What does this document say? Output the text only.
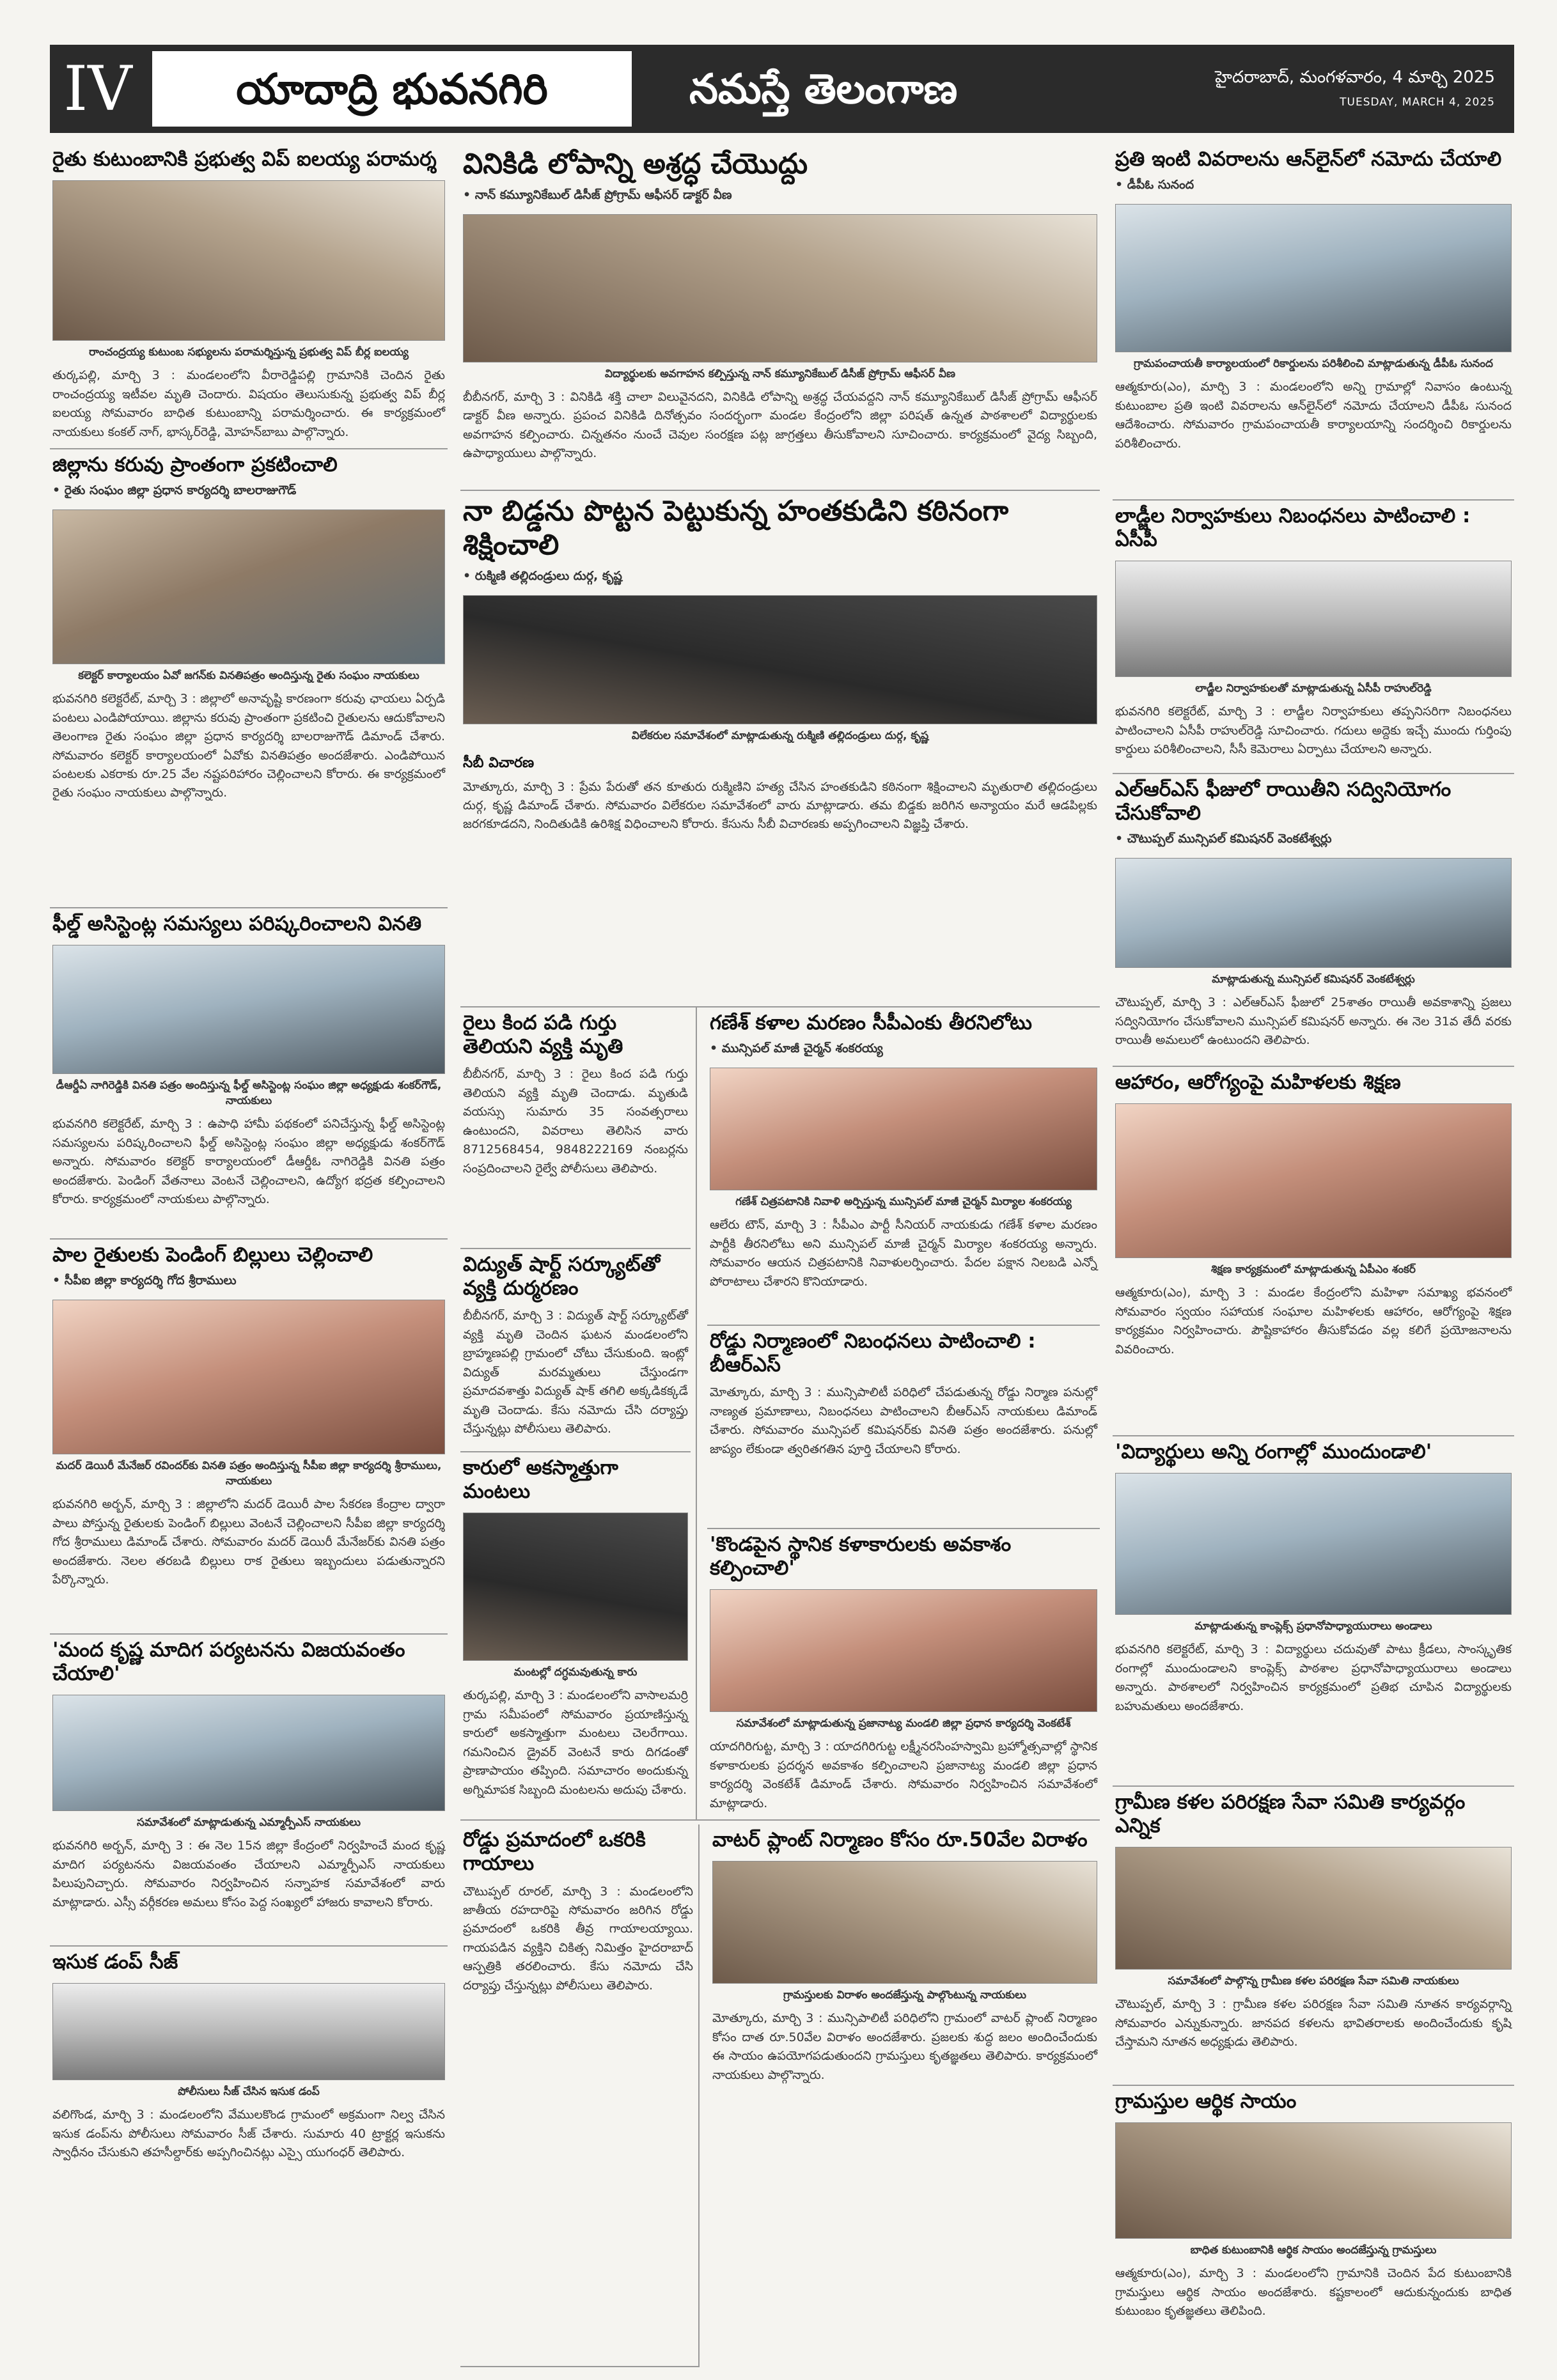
IV	యాదాద్రి భువనగిరి	నమస్తే తెలంగాణ	హైదరాబాద్, మంగళవారం, 4 మార్చి 2025
TUESDAY, MARCH 4, 2025
రైతు కుటుంబానికి ప్రభుత్వ విప్ ఐలయ్య పరామర్శ

రాంచంద్రయ్య కుటుంబ సభ్యులను పరామర్శిస్తున్న ప్రభుత్వ విప్ బీర్ల ఐలయ్య

తుర్కపల్లి, మార్చి 3 : మండలంలోని వీరారెడ్డిపల్లి గ్రామానికి చెందిన రైతు రాంచంద్రయ్య ఇటీవల మృతి చెందారు. విషయం తెలుసుకున్న ప్రభుత్వ విప్ బీర్ల ఐలయ్య సోమవారం బాధిత కుటుంబాన్ని పరామర్శించారు. ఈ కార్యక్రమంలో నాయకులు కంకల్ నాగ్, భాస్కర్‌రెడ్డి, మోహన్‌బాబు పాల్గొన్నారు.

జిల్లాను కరువు ప్రాంతంగా ప్రకటించాలి

• రైతు సంఘం జిల్లా ప్రధాన కార్యదర్శి బాలరాజుగౌడ్

కలెక్టర్ కార్యాలయం ఏవో జగన్‌కు వినతిపత్రం అందిస్తున్న రైతు సంఘం నాయకులు

భువనగిరి కలెక్టరేట్, మార్చి 3 : జిల్లాలో అనావృష్టి కారణంగా కరువు ఛాయలు ఏర్పడి పంటలు ఎండిపోయాయి. జిల్లాను కరువు ప్రాంతంగా ప్రకటించి రైతులను ఆదుకోవాలని తెలంగాణ రైతు సంఘం జిల్లా ప్రధాన కార్యదర్శి బాలరాజుగౌడ్ డిమాండ్ చేశారు. సోమవారం కలెక్టర్ కార్యాలయంలో ఏవోకు వినతిపత్రం అందజేశారు. ఎండిపోయిన పంటలకు ఎకరాకు రూ.25 వేల నష్టపరిహారం చెల్లించాలని కోరారు. ఈ కార్యక్రమంలో రైతు సంఘం నాయకులు పాల్గొన్నారు.

ఫీల్డ్ అసిస్టెంట్ల సమస్యలు పరిష్కరించాలని వినతి

డీఆర్డీఏ నాగిరెడ్డికి వినతి పత్రం అందిస్తున్న ఫీల్డ్ అసిస్టెంట్ల సంఘం జిల్లా అధ్యక్షుడు శంకర్‌గౌడ్, నాయకులు

భువనగిరి కలెక్టరేట్, మార్చి 3 : ఉపాధి హామీ పథకంలో పనిచేస్తున్న ఫీల్డ్ అసిస్టెంట్ల సమస్యలను పరిష్కరించాలని ఫీల్డ్ అసిస్టెంట్ల సంఘం జిల్లా అధ్యక్షుడు శంకర్‌గౌడ్ అన్నారు. సోమవారం కలెక్టర్ కార్యాలయంలో డీఆర్డీఓ నాగిరెడ్డికి వినతి పత్రం అందజేశారు. పెండింగ్ వేతనాలు వెంటనే చెల్లించాలని, ఉద్యోగ భద్రత కల్పించాలని కోరారు. కార్యక్రమంలో నాయకులు పాల్గొన్నారు.

పాల రైతులకు పెండింగ్ బిల్లులు చెల్లించాలి

• సీపీఐ జిల్లా కార్యదర్శి గోద శ్రీరాములు

మదర్ డెయిరీ మేనేజర్ రవిందర్‌కు వినతి పత్రం అందిస్తున్న సీపీఐ జిల్లా కార్యదర్శి శ్రీరాములు, నాయకులు

భువనగిరి అర్బన్, మార్చి 3 : జిల్లాలోని మదర్ డెయిరీ పాల సేకరణ కేంద్రాల ద్వారా పాలు పోస్తున్న రైతులకు పెండింగ్ బిల్లులు వెంటనే చెల్లించాలని సీపీఐ జిల్లా కార్యదర్శి గోద శ్రీరాములు డిమాండ్ చేశారు. సోమవారం మదర్ డెయిరీ మేనేజర్‌కు వినతి పత్రం అందజేశారు. నెలల తరబడి బిల్లులు రాక రైతులు ఇబ్బందులు పడుతున్నారని పేర్కొన్నారు.

'మంద కృష్ణ మాదిగ పర్యటనను విజయవంతం చేయాలి'

సమావేశంలో మాట్లాడుతున్న ఎమ్మార్పీఎస్ నాయకులు

భువనగిరి అర్బన్, మార్చి 3 : ఈ నెల 15న జిల్లా కేంద్రంలో నిర్వహించే మంద కృష్ణ మాదిగ పర్యటనను విజయవంతం చేయాలని ఎమ్మార్పీఎస్ నాయకులు పిలుపునిచ్చారు. సోమవారం నిర్వహించిన సన్నాహక సమావేశంలో వారు మాట్లాడారు. ఎస్సీ వర్గీకరణ అమలు కోసం పెద్ద సంఖ్యలో హాజరు కావాలని కోరారు.

ఇసుక డంప్ సీజ్

పోలీసులు సీజ్ చేసిన ఇసుక డంప్

వలిగొండ, మార్చి 3 : మండలంలోని వేములకొండ గ్రామంలో అక్రమంగా నిల్వ చేసిన ఇసుక డంప్‌ను పోలీసులు సోమవారం సీజ్ చేశారు. సుమారు 40 ట్రాక్టర్ల ఇసుకను స్వాధీనం చేసుకుని తహసీల్దార్‌కు అప్పగించినట్లు ఎస్సై యుగంధర్ తెలిపారు.

వినికిడి లోపాన్ని అశ్రద్ధ చేయొద్దు

• నాన్ కమ్యూనికేబుల్ డిసీజ్ ప్రోగ్రామ్ ఆఫీసర్ డాక్టర్ వీణ

విద్యార్థులకు అవగాహన కల్పిస్తున్న నాన్ కమ్యూనికేబుల్ డిసీజ్ ప్రోగ్రామ్ ఆఫీసర్ వీణ

బీబీనగర్, మార్చి 3 : వినికిడి శక్తి చాలా విలువైనదని, వినికిడి లోపాన్ని అశ్రద్ధ చేయవద్దని నాన్ కమ్యూనికేబుల్ డిసీజ్ ప్రోగ్రామ్ ఆఫీసర్ డాక్టర్ వీణ అన్నారు. ప్రపంచ వినికిడి దినోత్సవం సందర్భంగా మండల కేంద్రంలోని జిల్లా పరిషత్ ఉన్నత పాఠశాలలో విద్యార్థులకు అవగాహన కల్పించారు. చిన్నతనం నుంచే చెవుల సంరక్షణ పట్ల జాగ్రత్తలు తీసుకోవాలని సూచించారు. కార్యక్రమంలో వైద్య సిబ్బంది, ఉపాధ్యాయులు పాల్గొన్నారు.

నా బిడ్డను పొట్టన పెట్టుకున్న హంతకుడిని కఠినంగా శిక్షించాలి

• రుక్మిణి తల్లిదండ్రులు దుర్గ, కృష్ణ

విలేకరుల సమావేశంలో మాట్లాడుతున్న రుక్మిణి తల్లిదండ్రులు దుర్గ, కృష్ణ

సీబీ విచారణ

మోత్కూరు, మార్చి 3 : ప్రేమ పేరుతో తన కూతురు రుక్మిణిని హత్య చేసిన హంతకుడిని కఠినంగా శిక్షించాలని మృతురాలి తల్లిదండ్రులు దుర్గ, కృష్ణ డిమాండ్ చేశారు. సోమవారం విలేకరుల సమావేశంలో వారు మాట్లాడారు. తమ బిడ్డకు జరిగిన అన్యాయం మరే ఆడపిల్లకు జరగకూడదని, నిందితుడికి ఉరిశిక్ష విధించాలని కోరారు. కేసును సీబీ విచారణకు అప్పగించాలని విజ్ఞప్తి చేశారు.

రైలు కింద పడి గుర్తు తెలియని వ్యక్తి మృతి

బీబీనగర్, మార్చి 3 : రైలు కింద పడి గుర్తు తెలియని వ్యక్తి మృతి చెందాడు. మృతుడి వయస్సు సుమారు 35 సంవత్సరాలు ఉంటుందని, వివరాలు తెలిసిన వారు 8712568454, 9848222169 నంబర్లను సంప్రదించాలని రైల్వే పోలీసులు తెలిపారు.

విద్యుత్ షార్ట్ సర్క్యూట్‌తో వ్యక్తి దుర్మరణం

బీబీనగర్, మార్చి 3 : విద్యుత్ షార్ట్ సర్క్యూట్‌తో వ్యక్తి మృతి చెందిన ఘటన మండలంలోని బ్రాహ్మణపల్లి గ్రామంలో చోటు చేసుకుంది. ఇంట్లో విద్యుత్ మరమ్మతులు చేస్తుండగా ప్రమాదవశాత్తు విద్యుత్ షాక్ తగిలి అక్కడికక్కడే మృతి చెందాడు. కేసు నమోదు చేసి దర్యాప్తు చేస్తున్నట్లు పోలీసులు తెలిపారు.

కారులో అకస్మాత్తుగా మంటలు

మంటల్లో దగ్ధమవుతున్న కారు

తుర్కపల్లి, మార్చి 3 : మండలంలోని వాసాలమర్రి గ్రామ సమీపంలో సోమవారం ప్రయాణిస్తున్న కారులో అకస్మాత్తుగా మంటలు చెలరేగాయి. గమనించిన డ్రైవర్ వెంటనే కారు దిగడంతో ప్రాణాపాయం తప్పింది. సమాచారం అందుకున్న అగ్నిమాపక సిబ్బంది మంటలను అదుపు చేశారు.

గణేశ్ కళాల మరణం సీపీఎంకు తీరనిలోటు

• మున్సిపల్ మాజీ చైర్మన్ శంకరయ్య

గణేశ్ చిత్రపటానికి నివాళి అర్పిస్తున్న మున్సిపల్ మాజీ చైర్మన్ మిర్యాల శంకరయ్య

ఆలేరు టౌన్, మార్చి 3 : సీపీఎం పార్టీ సీనియర్ నాయకుడు గణేశ్ కళాల మరణం పార్టీకి తీరనిలోటు అని మున్సిపల్ మాజీ చైర్మన్ మిర్యాల శంకరయ్య అన్నారు. సోమవారం ఆయన చిత్రపటానికి నివాళులర్పించారు. పేదల పక్షాన నిలబడి ఎన్నో పోరాటాలు చేశారని కొనియాడారు.

రోడ్డు నిర్మాణంలో నిబంధనలు పాటించాలి : బీఆర్ఎస్

మోత్కూరు, మార్చి 3 : మున్సిపాలిటీ పరిధిలో చేపడుతున్న రోడ్డు నిర్మాణ పనుల్లో నాణ్యత ప్రమాణాలు, నిబంధనలు పాటించాలని బీఆర్ఎస్ నాయకులు డిమాండ్ చేశారు. సోమవారం మున్సిపల్ కమిషనర్‌కు వినతి పత్రం అందజేశారు. పనుల్లో జాప్యం లేకుండా త్వరితగతిన పూర్తి చేయాలని కోరారు.

'కొండపైన స్థానిక కళాకారులకు అవకాశం కల్పించాలి'

సమావేశంలో మాట్లాడుతున్న ప్రజానాట్య మండలి జిల్లా ప్రధాన కార్యదర్శి వెంకటేశ్

యాదగిరిగుట్ట, మార్చి 3 : యాదగిరిగుట్ట లక్ష్మీనరసింహస్వామి బ్రహ్మోత్సవాల్లో స్థానిక కళాకారులకు ప్రదర్శన అవకాశం కల్పించాలని ప్రజానాట్య మండలి జిల్లా ప్రధాన కార్యదర్శి వెంకటేశ్ డిమాండ్ చేశారు. సోమవారం నిర్వహించిన సమావేశంలో మాట్లాడారు.

రోడ్డు ప్రమాదంలో ఒకరికి గాయాలు

చౌటుప్పల్ రూరల్, మార్చి 3 : మండలంలోని జాతీయ రహదారిపై సోమవారం జరిగిన రోడ్డు ప్రమాదంలో ఒకరికి తీవ్ర గాయాలయ్యాయి. గాయపడిన వ్యక్తిని చికిత్స నిమిత్తం హైదరాబాద్ ఆస్పత్రికి తరలించారు. కేసు నమోదు చేసి దర్యాప్తు చేస్తున్నట్లు పోలీసులు తెలిపారు.

వాటర్ ప్లాంట్ నిర్మాణం కోసం రూ.50వేల విరాళం

గ్రామస్తులకు విరాళం అందజేస్తున్న పాల్గొంటున్న నాయకులు

మోత్కూరు, మార్చి 3 : మున్సిపాలిటీ పరిధిలోని గ్రామంలో వాటర్ ప్లాంట్ నిర్మాణం కోసం దాత రూ.50వేల విరాళం అందజేశారు. ప్రజలకు శుద్ధ జలం అందించేందుకు ఈ సాయం ఉపయోగపడుతుందని గ్రామస్తులు కృతజ్ఞతలు తెలిపారు. కార్యక్రమంలో నాయకులు పాల్గొన్నారు.

ప్రతి ఇంటి వివరాలను ఆన్‌లైన్‌లో నమోదు చేయాలి

• డీపీఓ సునంద

గ్రామపంచాయతీ కార్యాలయంలో రికార్డులను పరిశీలించి మాట్లాడుతున్న డీపీఓ సునంద

ఆత్మకూరు(ఎం), మార్చి 3 : మండలంలోని అన్ని గ్రామాల్లో నివాసం ఉంటున్న కుటుంబాల ప్రతి ఇంటి వివరాలను ఆన్‌లైన్‌లో నమోదు చేయాలని డీపీఓ సునంద ఆదేశించారు. సోమవారం గ్రామపంచాయతీ కార్యాలయాన్ని సందర్శించి రికార్డులను పరిశీలించారు.

లాడ్జీల నిర్వాహకులు నిబంధనలు పాటించాలి : ఏసీపీ

లాడ్జీల నిర్వాహకులతో మాట్లాడుతున్న ఏసీపీ రాహుల్‌రెడ్డి

భువనగిరి కలెక్టరేట్, మార్చి 3 : లాడ్జీల నిర్వాహకులు తప్పనిసరిగా నిబంధనలు పాటించాలని ఏసీపీ రాహుల్‌రెడ్డి సూచించారు. గదులు అద్దెకు ఇచ్చే ముందు గుర్తింపు కార్డులు పరిశీలించాలని, సీసీ కెమెరాలు ఏర్పాటు చేయాలని అన్నారు.

ఎల్‌ఆర్ఎస్ ఫీజులో రాయితీని సద్వినియోగం చేసుకోవాలి

• చౌటుప్పల్ మున్సిపల్ కమిషనర్ వెంకటేశ్వర్లు

మాట్లాడుతున్న మున్సిపల్ కమిషనర్ వెంకటేశ్వర్లు

చౌటుప్పల్, మార్చి 3 : ఎల్‌ఆర్ఎస్ ఫీజులో 25శాతం రాయితీ అవకాశాన్ని ప్రజలు సద్వినియోగం చేసుకోవాలని మున్సిపల్ కమిషనర్ అన్నారు. ఈ నెల 31వ తేదీ వరకు రాయితీ అమలులో ఉంటుందని తెలిపారు.

ఆహారం, ఆరోగ్యంపై మహిళలకు శిక్షణ

శిక్షణ కార్యక్రమంలో మాట్లాడుతున్న ఏపీఎం శంకర్

ఆత్మకూరు(ఎం), మార్చి 3 : మండల కేంద్రంలోని మహిళా సమాఖ్య భవనంలో సోమవారం స్వయం సహాయక సంఘాల మహిళలకు ఆహారం, ఆరోగ్యంపై శిక్షణ కార్యక్రమం నిర్వహించారు. పౌష్టికాహారం తీసుకోవడం వల్ల కలిగే ప్రయోజనాలను వివరించారు.

'విద్యార్థులు అన్ని రంగాల్లో ముందుండాలి'

మాట్లాడుతున్న కాంప్లెక్స్ ప్రధానోపాధ్యాయురాలు అండాలు

భువనగిరి కలెక్టరేట్, మార్చి 3 : విద్యార్థులు చదువుతో పాటు క్రీడలు, సాంస్కృతిక రంగాల్లో ముందుండాలని కాంప్లెక్స్ పాఠశాల ప్రధానోపాధ్యాయురాలు అండాలు అన్నారు. పాఠశాలలో నిర్వహించిన కార్యక్రమంలో ప్రతిభ చూపిన విద్యార్థులకు బహుమతులు అందజేశారు.

గ్రామీణ కళల పరిరక్షణ సేవా సమితి కార్యవర్గం ఎన్నిక

సమావేశంలో పాల్గొన్న గ్రామీణ కళల పరిరక్షణ సేవా సమితి నాయకులు

చౌటుప్పల్, మార్చి 3 : గ్రామీణ కళల పరిరక్షణ సేవా సమితి నూతన కార్యవర్గాన్ని సోమవారం ఎన్నుకున్నారు. జానపద కళలను భావితరాలకు అందించేందుకు కృషి చేస్తామని నూతన అధ్యక్షుడు తెలిపారు.

గ్రామస్తుల ఆర్థిక సాయం

బాధిత కుటుంబానికి ఆర్థిక సాయం అందజేస్తున్న గ్రామస్తులు

ఆత్మకూరు(ఎం), మార్చి 3 : మండలంలోని గ్రామానికి చెందిన పేద కుటుంబానికి గ్రామస్తులు ఆర్థిక సాయం అందజేశారు. కష్టకాలంలో ఆదుకున్నందుకు బాధిత కుటుంబం కృతజ్ఞతలు తెలిపింది.
